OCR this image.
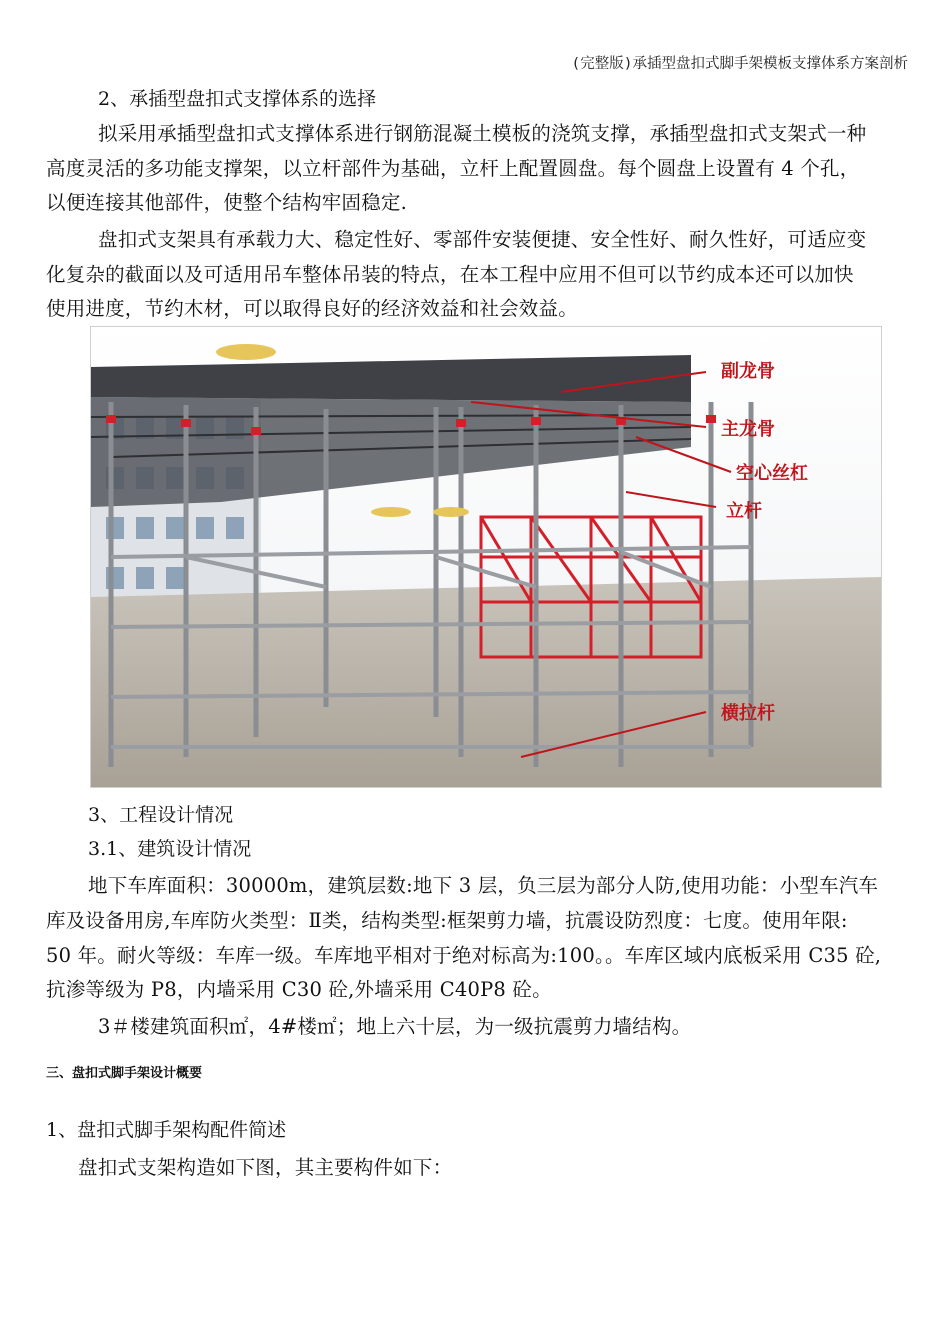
(完整版)承插型盘扣式脚手架模板支撑体系方案剖析
2、承插型盘扣式支撑体系的选择
拟采用承插型盘扣式支撑体系进行钢筋混凝土模板的浇筑支撑，承插型盘扣式支架式一种
高度灵活的多功能支撑架，以立杆部件为基础，立杆上配置圆盘。每个圆盘上设置有 4 个孔，
以便连接其他部件，使整个结构牢固稳定.
盘扣式支架具有承载力大、稳定性好、零部件安装便捷、安全性好、耐久性好，可适应变
化复杂的截面以及可适用吊车整体吊装的特点，在本工程中应用不但可以节约成本还可以加快
使用进度，节约木材，可以取得良好的经济效益和社会效益。
副龙骨
主龙骨
空心丝杠
立杆
横拉杆
3、工程设计情况
3.1、建筑设计情况
地下车库面积：30000m，建筑层数:地下 3 层，负三层为部分人防,使用功能：小型车汽车
库及设备用房,车库防火类型：Ⅱ类，结构类型:框架剪力墙，抗震设防烈度：七度。使用年限:
50 年。耐火等级：车库一级。车库地平相对于绝对标高为:100。。车库区域内底板采用 C35 砼,
抗渗等级为 P8，内墙采用 C30 砼,外墙采用 C40P8 砼。
3＃楼建筑面积㎡，4#楼㎡；地上六十层，为一级抗震剪力墙结构。
三、盘扣式脚手架设计概要
1、盘扣式脚手架构配件简述
盘扣式支架构造如下图，其主要构件如下：
